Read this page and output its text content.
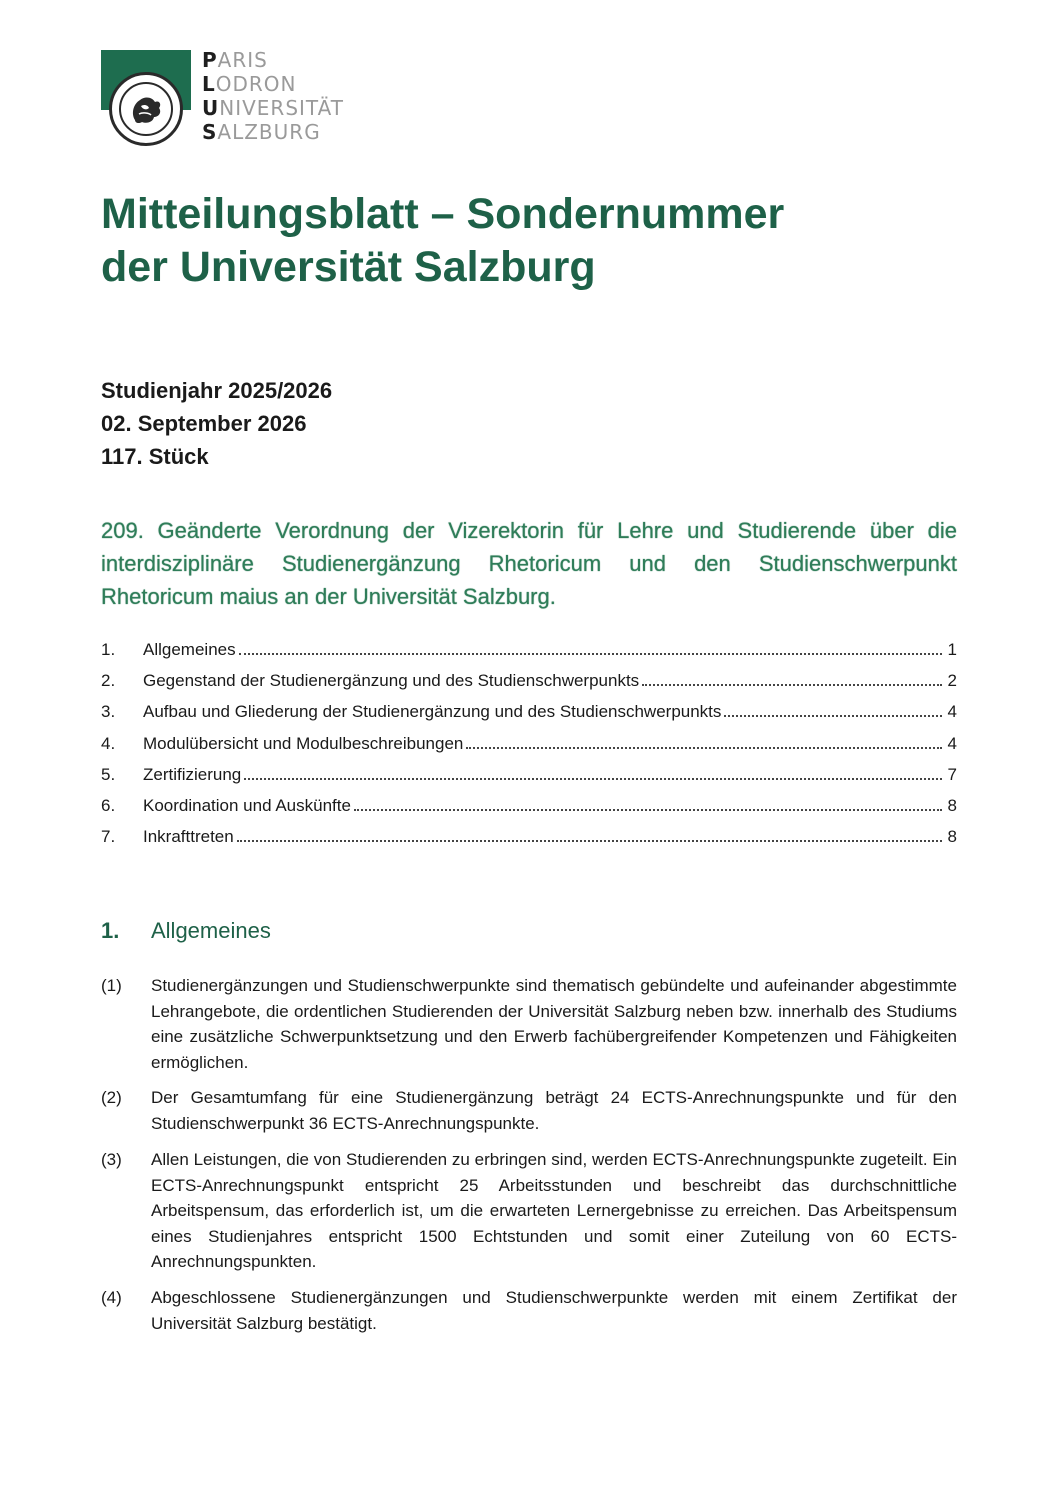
PARIS
LODRON
UNIVERSITÄT
SALZBURG
Mitteilungsblatt – Sondernummer
der Universität Salzburg
Studienjahr 2025/2026
02. September 2026
117. Stück
209. Geänderte Verordnung der Vizerektorin für Lehre und Studierende über die interdisziplinäre Studienergänzung Rhetoricum und den Studienschwerpunkt Rhetoricum maius an der Universität Salzburg.
1.	Allgemeines	1
2.	Gegenstand der Studienergänzung und des Studienschwerpunkts	2
3.	Aufbau und Gliederung der Studienergänzung und des Studienschwerpunkts	4
4.	Modulübersicht und Modulbeschreibungen	4
5.	Zertifizierung	7
6.	Koordination und Auskünfte	8
7.	Inkrafttreten	8
1. Allgemeines
(1)	Studienergänzungen und Studienschwerpunkte sind thematisch gebündelte und aufeinander abgestimmte Lehrangebote, die ordentlichen Studierenden der Universität Salzburg neben bzw. innerhalb des Studiums eine zusätzliche Schwerpunktsetzung und den Erwerb fachübergreifender Kompetenzen und Fähigkeiten ermöglichen.
(2)	Der Gesamtumfang für eine Studienergänzung beträgt 24 ECTS-Anrechnungspunkte und für den Studienschwerpunkt 36 ECTS-Anrechnungspunkte.
(3)	Allen Leistungen, die von Studierenden zu erbringen sind, werden ECTS-Anrechnungspunkte zugeteilt. Ein ECTS-Anrechnungspunkt entspricht 25 Arbeitsstunden und beschreibt das durchschnittliche Arbeitspensum, das erforderlich ist, um die erwarteten Lernergebnisse zu erreichen. Das Arbeitspensum eines Studienjahres entspricht 1500 Echtstunden und somit einer Zuteilung von 60 ECTS-Anrechnungspunkten.
(4)	Abgeschlossene Studienergänzungen und Studienschwerpunkte werden mit einem Zertifikat der Universität Salzburg bestätigt.
